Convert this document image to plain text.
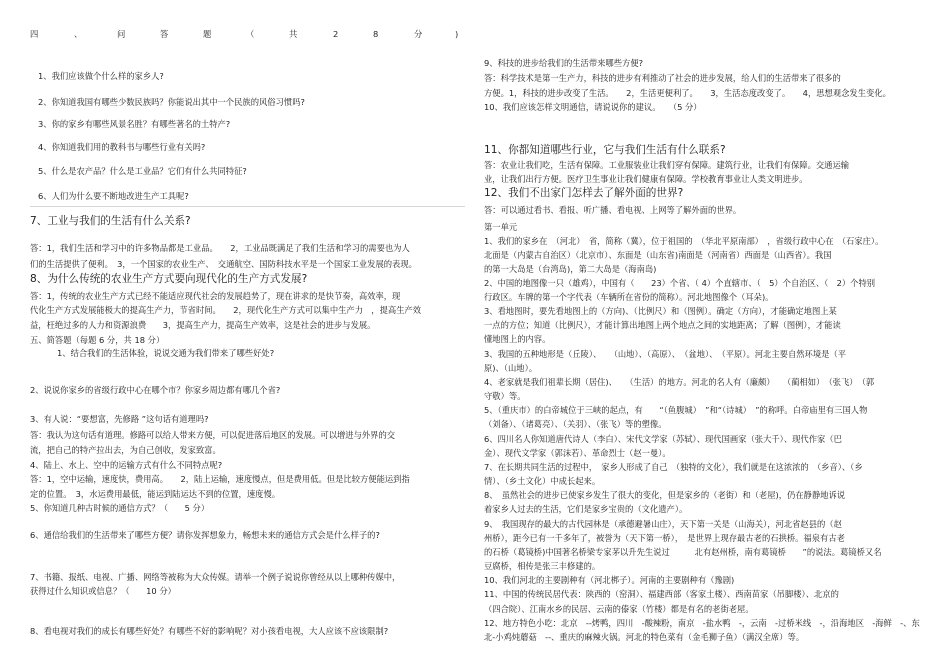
四	、	问	答	题	（	共	2	8	分	)
1、我们应该做个什么样的家乡人?
2、你知道我国有哪些少数民族吗？你能说出其中一个民族的风俗习惯吗?
3、你的家乡有哪些风景名胜？有哪些著名的土特产?
4、你知道我们用的教科书与哪些行业有关吗?
5、什么是农产品？什么是工业品？它们有什么共同特征?
6、人们为什么要不断地改进生产工具呢?
7、工业与我们的生活有什么关系?
答：1，我们生活和学习中的许多物品都是工业品。　　2，工业品既满足了我们生活和学习的需要也为人
们的生活提供了便利。　3，一个国家的农业生产、　交通航空、国防科技水平是一个国家工业发展的表现。
8、为什么传统的农业生产方式要向现代化的生产方式发展?
答：1，传统的农业生产方式已经不能适应现代社会的发展趋势了，现在讲求的是快节奏，高效率，现
代化生产方式发展能极大的提高生产力，节省时间。　　2，现代化生产方式可以集中生产力　，提高生产效
益，枉绝过多的人力和资源浪费　　3，提高生产力，提高生产效率，这是社会的进步与发展。
五、简答题（每题 6 分，共 18 分）
1、结合我们的生活体验，说说交通为我们带来了哪些好处?
2、说说你家乡的省级行政中心在哪个市？你家乡周边都有哪几个省?
3、有人说：“要想富，先修路 ”这句话有道理吗?
答：我认为这句话有道理。修路可以给人带来方便，可以促进落后地区的发展。可以增进与外界的交
流，把自己的特产拉出去，为自己创收，发家致富。
4、陆上、水上、空中的运输方式有什么不同特点呢?
答：1，空中运输，速度快，费用高。　　2，陆上运输，速度慢点，但是费用低。但是比较方便能运到指
定的位置。　3，水运费用最低，能运到陆运达不到的位置，速度慢。
5、你知道几种古时候的通信方式？（　　5 分）
6、通信给我们的生活带来了哪些方便？请你发挥想象力，畅想未来的通信方式会是什么样子的?
7、书籍、报纸、电视、广播、网络等被称为大众传媒。请举一个例子说说你曾经从以上哪种传媒中，
获得过什么知识或信息？（　　10 分）
8、看电视对我们的成长有哪些好处？有哪些不好的影响呢？对小孩看电视，大人应该不应该限制?
9、科技的进步给我们的生活带来哪些方便?
答：科学技术是第一生产力，科技的进步有利推动了社会的进步发展，给人们的生活带来了很多的
方便。1，科技的进步改变了生活。　　2，生活更便利了。　　3，生活态度改变了。　　4，思想观念发生变化。
10、我们应该怎样文明通信，请说说你的建议。　　（5 分）
11、你都知道哪些行业，它与我们生活有什么联系?
答：农业让我们吃，生活有保障。工业服装业让我们穿有保障。建筑行业，让我们有保障。交通运输
业，让我们出行方便。医疗卫生事业让我们健康有保障。学校教育事业让人类文明进步。
12、我们不出家门怎样去了解外面的世界?
答：可以通过看书、看报、听广播、看电视、上网等了解外面的世界。
第一单元
1、我们的家乡在　（河北）　省，简称（冀），位于祖国的　（华北平原南部）　，省级行政中心在　（石家庄）。
北面是（内蒙古自治区）（北京市）、东面是（山东省)南面是（河南省）西面是（山西省）。我国
的第一大岛是（台湾岛)，第二大岛是（海南岛)
2、中国的地图像一只（雄鸡），中国有（　　23）个省、（ 4）个直辖市、（　5）个自治区、（　2）个特别
行政区。车牌的第一个字代表（车辆所在省份的简称）。河北地图像个（耳朵)。
3、看地图时，要先看地图上的（方向)、（比例尺）和（图例）。确定（方向），才能确定地图上某
一点的方位；知道（比例尺），才能计算出地图上两个地点之间的实地距离；了解（图例），才能读
懂地图上的内容。
3、我国的五种地形是（丘陵）、　　（山地）、（高原）、　（盆地）、　（平原）。河北主要自然环境是（平
原)、（山地）。
4、老家就是我们祖辈长期（居住)、　　（生活）的地方。河北的名人有（廉颇）　　（蔺相如）　（张飞）　（郭
守敬）等。
5、（重庆市）的白帝城位于三峡的起点，有　　“（鱼腹城）　”和“（诗城）　”的称呼。白帝庙里有三国人物
（刘备）、（诸葛亮）、（关羽）、（张飞）等的塑像。
6、四川名人你知道唐代诗人（李白）、宋代文学家（苏轼）、现代国画家（张大千）、现代作家（巴
金）、现代文学家（郭沫若）、革命烈士（赵一曼）。
7、在长期共同生活的过程中，　家乡人形成了自己　（独特的文化），我们就是在这浓浓的　（乡音）、（乡
情）、（乡土文化）中成长起来。
8、　虽然社会的进步已使家乡发生了很大的变化，但是家乡的（老街）和（老屋)，仍在静静地诉说
着家乡人过去的生活，它们是家乡宝贵的（文化遗产）。
9、　我国现存的最大的古代园林是（承德避暑山庄），天下第一关是（山海关），河北省赵县的（赵
州桥），距今已有一千多年了，被誉为（天下第一桥），　是世界上现存最古老的石拱桥。福泉有古老
的石桥（葛镜桥)中国著名桥梁专家茅以升先生说过　　　北有赵州桥，南有葛镜桥　　”的说法。葛镜桥又名
豆腐桥，相传是张三丰修建的。
10、我们河北的主要剧种有（河北梆子）。河南的主要剧种有（豫剧)
11、中国的传统民居代表：陕西的（窑洞）、福建西部（客家土楼）、西南苗家（吊脚楼）、北京的
（四合院）、江南水乡的民居、云南的傣家（竹楼）都是有名的老街老屋。
12、地方特色小吃：北京　--烤鸭，四川　-酸辣粉，南京　-盐水鸭　-，云南　-过桥米线　-，沿海地区　-海鲜　-、东
北-小鸡炖蘑菇　--、重庆的麻辣火锅。河北的特色菜有（金毛狮子鱼）（满汉全席）等。
